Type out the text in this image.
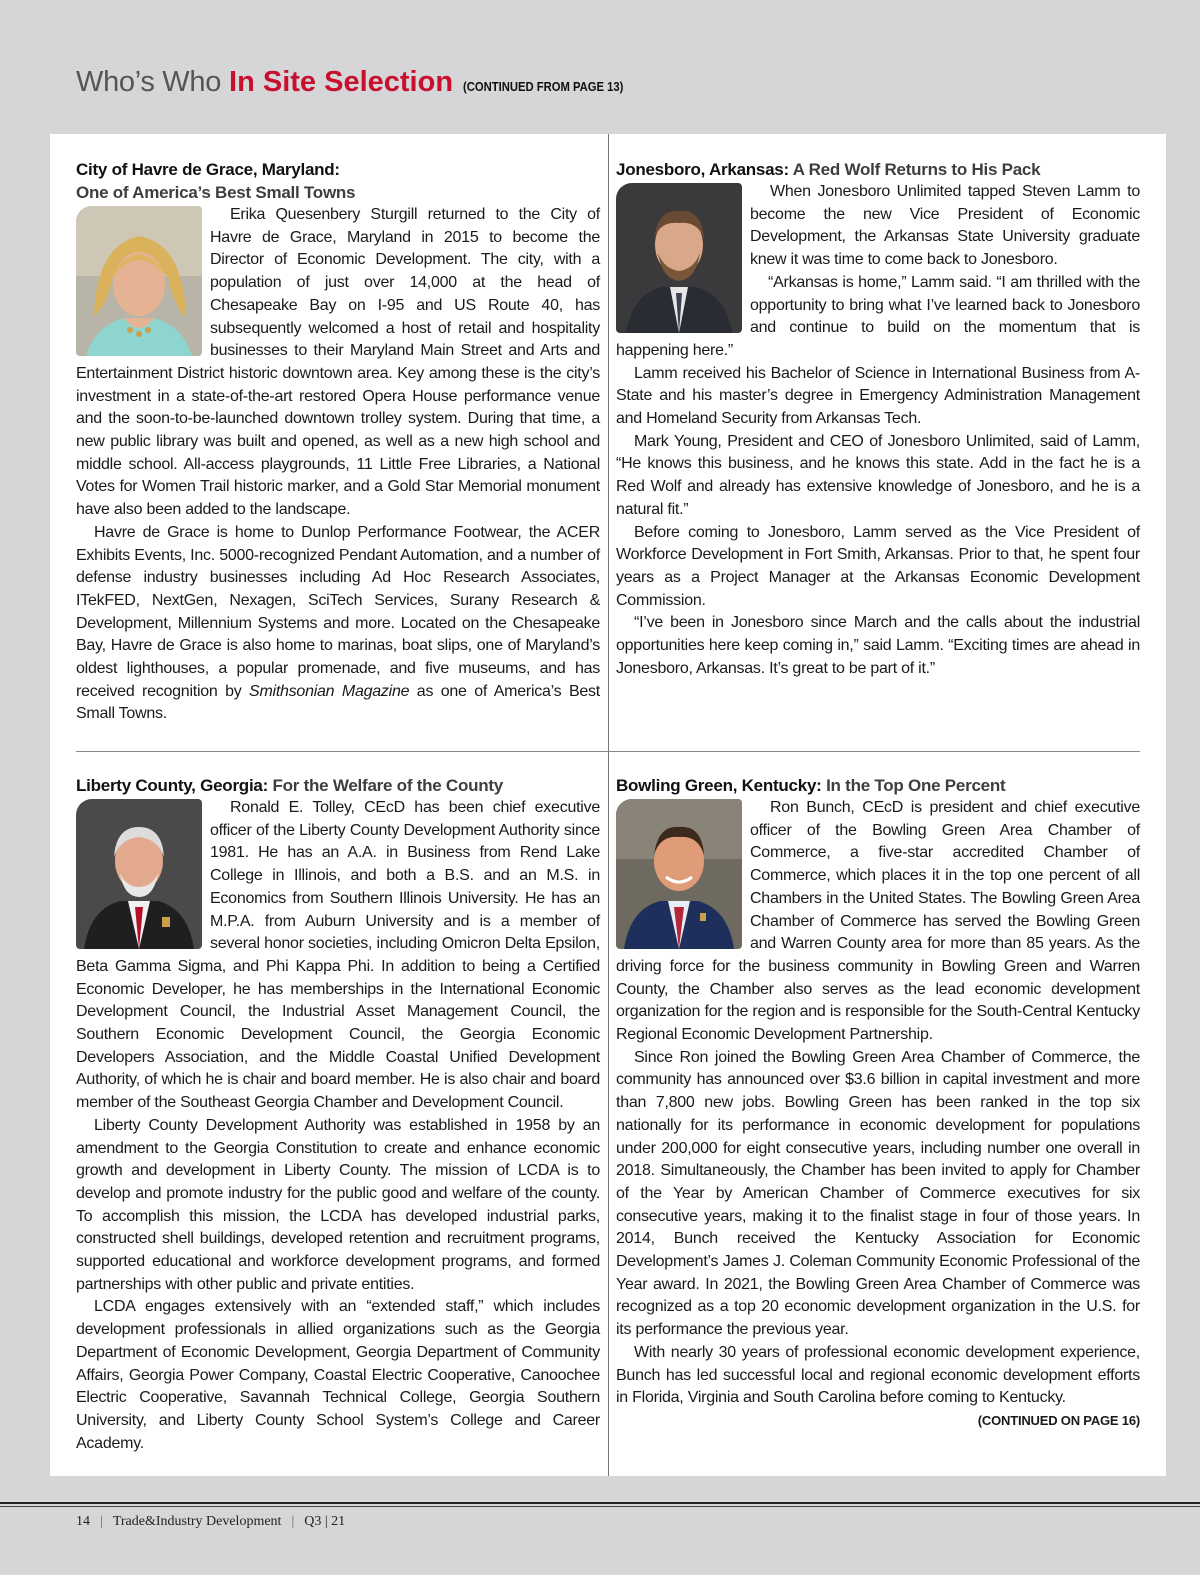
Who’s Who In Site Selection (CONTINUED FROM PAGE 13)
City of Havre de Grace, Maryland:
One of America’s Best Small Towns

Erika Quesenbery Sturgill returned to the City of Havre de Grace, Maryland in 2015 to become the Director of Economic Development. The city, with a population of just over 14,000 at the head of Chesapeake Bay on I-95 and US Route 40, has subsequently welcomed a host of retail and hospitality businesses to their Maryland Main Street and Arts and Entertainment District historic downtown area. Key among these is the city’s investment in a state-of-the-art restored Opera House performance venue and the soon-to-be-launched downtown trolley system. During that time, a new public library was built and opened, as well as a new high school and middle school. All-access playgrounds, 11 Little Free Libraries, a National Votes for Women Trail historic marker, and a Gold Star Memorial monument have also been added to the landscape.

Havre de Grace is home to Dunlop Performance Footwear, the ACER Exhibits Events, Inc. 5000-recognized Pendant Automation, and a number of defense industry businesses including Ad Hoc Research Associates, ITekFED, NextGen, Nexagen, SciTech Services, Surany Research & Development, Millennium Systems and more. Located on the Chesapeake Bay, Havre de Grace is also home to marinas, boat slips, one of Maryland’s oldest lighthouses, a popular promenade, and five museums, and has received recognition by Smithsonian Magazine as one of America’s Best Small Towns.

Jonesboro, Arkansas: A Red Wolf Returns to His Pack

When Jonesboro Unlimited tapped Steven Lamm to become the new Vice President of Economic Development, the Arkansas State University graduate knew it was time to come back to Jonesboro.

“Arkansas is home,” Lamm said. “I am thrilled with the opportunity to bring what I’ve learned back to Jonesboro and continue to build on the momentum that is happening here.”

Lamm received his Bachelor of Science in International Business from A-State and his master’s degree in Emergency Administration Management and Homeland Security from Arkansas Tech.

Mark Young, President and CEO of Jonesboro Unlimited, said of Lamm, “He knows this business, and he knows this state. Add in the fact he is a Red Wolf and already has extensive knowledge of Jonesboro, and he is a natural fit.”

Before coming to Jonesboro, Lamm served as the Vice President of Workforce Development in Fort Smith, Arkansas. Prior to that, he spent four years as a Project Manager at the Arkansas Economic Development Commission.

“I’ve been in Jonesboro since March and the calls about the industrial opportunities here keep coming in,” said Lamm. “Exciting times are ahead in Jonesboro, Arkansas. It’s great to be part of it.”

Liberty County, Georgia: For the Welfare of the County

Ronald E. Tolley, CEcD has been chief executive officer of the Liberty County Development Authority since 1981. He has an A.A. in Business from Rend Lake College in Illinois, and both a B.S. and an M.S. in Economics from Southern Illinois University. He has an M.P.A. from Auburn University and is a member of several honor societies, including Omicron Delta Epsilon, Beta Gamma Sigma, and Phi Kappa Phi. In addition to being a Certified Economic Developer, he has memberships in the International Economic Development Council, the Industrial Asset Management Council, the Southern Economic Development Council, the Georgia Economic Developers Association, and the Middle Coastal Unified Development Authority, of which he is chair and board member. He is also chair and board member of the Southeast Georgia Chamber and Development Council.

Liberty County Development Authority was established in 1958 by an amendment to the Georgia Constitution to create and enhance economic growth and development in Liberty County. The mission of LCDA is to develop and promote industry for the public good and welfare of the county. To accomplish this mission, the LCDA has developed industrial parks, constructed shell buildings, developed retention and recruitment programs, supported educational and workforce development programs, and formed partnerships with other public and private entities.

LCDA engages extensively with an “extended staff,” which includes development professionals in allied organizations such as the Georgia Department of Economic Development, Georgia Department of Community Affairs, Georgia Power Company, Coastal Electric Cooperative, Canoochee Electric Cooperative, Savannah Technical College, Georgia Southern University, and Liberty County School System’s College and Career Academy.

Bowling Green, Kentucky: In the Top One Percent

Ron Bunch, CEcD is president and chief executive officer of the Bowling Green Area Chamber of Commerce, a five-star accredited Chamber of Commerce, which places it in the top one percent of all Chambers in the United States. The Bowling Green Area Chamber of Commerce has served the Bowling Green and Warren County area for more than 85 years. As the driving force for the business community in Bowling Green and Warren County, the Chamber also serves as the lead economic development organization for the region and is responsible for the South-Central Kentucky Regional Economic Development Partnership.

Since Ron joined the Bowling Green Area Chamber of Commerce, the community has announced over $3.6 billion in capital investment and more than 7,800 new jobs. Bowling Green has been ranked in the top six nationally for its performance in economic development for populations under 200,000 for eight consecutive years, including number one overall in 2018. Simultaneously, the Chamber has been invited to apply for Chamber of the Year by American Chamber of Commerce executives for six consecutive years, making it to the finalist stage in four of those years. In 2014, Bunch received the Kentucky Association for Economic Development’s James J. Coleman Community Economic Professional of the Year award. In 2021, the Bowling Green Area Chamber of Commerce was recognized as a top 20 economic development organization in the U.S. for its performance the previous year.

With nearly 30 years of professional economic development experience, Bunch has led successful local and regional economic development efforts in Florida, Virginia and South Carolina before coming to Kentucky.
(CONTINUED ON PAGE 16)

14 | Trade&Industry Development | Q3 | 21
